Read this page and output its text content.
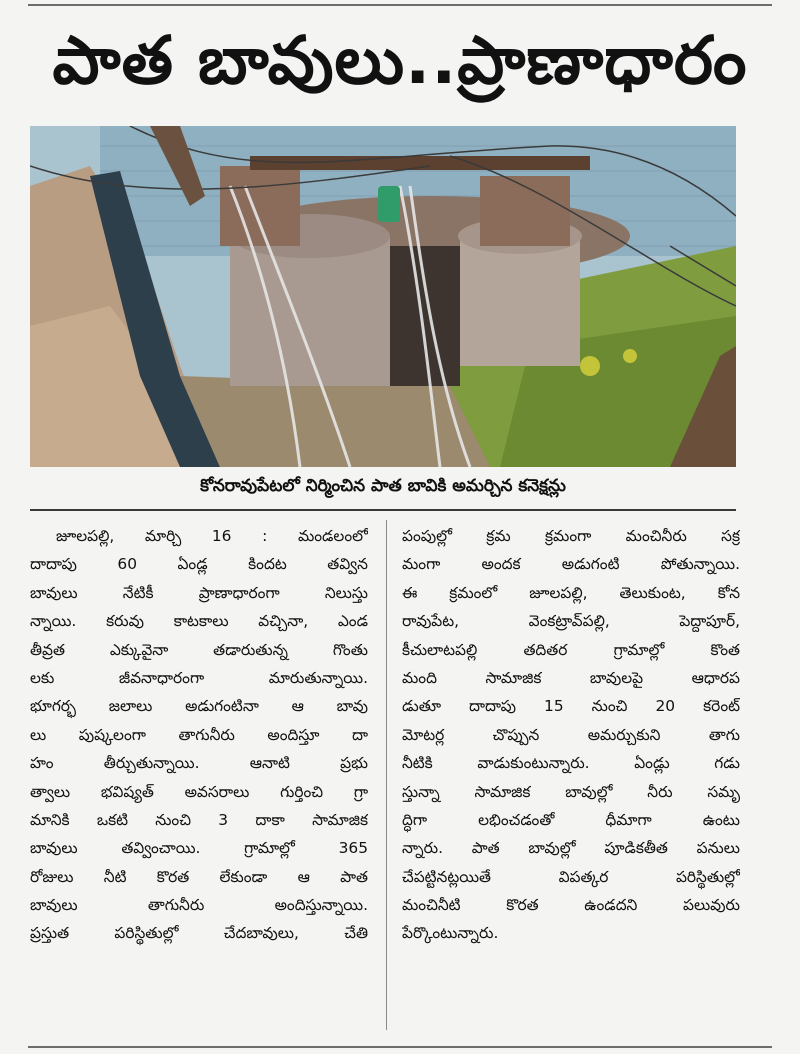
పాత బావులు..ప్రాణాధారం
కోనరావుపేటలో నిర్మించిన పాత బావికి అమర్చిన కనెక్షన్లు
జూలపల్లి, మార్చి 16 : మండలంలో
దాదాపు 60 ఏండ్ల కిందట తవ్విన
బావులు నేటికీ ప్రాణాధారంగా నిలుస్తు
న్నాయి. కరువు కాటకాలు వచ్చినా, ఎండ
తీవ్రత ఎక్కువైనా తడారుతున్న గొంతు
లకు జీవనాధారంగా మారుతున్నాయి.
భూగర్భ జలాలు అడుగంటినా ఆ బావు
లు పుష్కలంగా తాగునీరు అందిస్తూ దా
హం తీర్చుతున్నాయి. ఆనాటి ప్రభు
త్వాలు భవిష్యత్ అవసరాలు గుర్తించి గ్రా
మానికి ఒకటి నుంచి 3 దాకా సామాజిక
బావులు తవ్వించాయి. గ్రామాల్లో 365
రోజులు నీటి కొరత లేకుండా ఆ పాత
బావులు తాగునీరు అందిస్తున్నాయి.
ప్రస్తుత పరిస్థితుల్లో చేదబావులు, చేతి
పంపుల్లో క్రమ క్రమంగా మంచినీరు సక్ర
మంగా అందక అడుగంటి పోతున్నాయి.
ఈ క్రమంలో జూలపల్లి, తెలుకుంట, కోన
రావుపేట, వెంకట్రావ్‌పల్లి, పెద్దాపూర్,
కీచులాటపల్లి తదితర గ్రామాల్లో కొంత
మంది సామాజిక బావులపై ఆధారప
డుతూ దాదాపు 15 నుంచి 20 కరెంట్
మోటర్ల చొప్పున అమర్చుకుని తాగు
నీటికి వాడుకుంటున్నారు. ఏండ్లు గడు
స్తున్నా సామాజిక బావుల్లో నీరు సమృ
ద్ధిగా లభించడంతో ధీమాగా ఉంటు
న్నారు. పాత బావుల్లో పూడికతీత పనులు
చేపట్టినట్లయితే విపత్కర పరిస్థితుల్లో
మంచినీటి కొరత ఉండదని పలువురు
పేర్కొంటున్నారు.
